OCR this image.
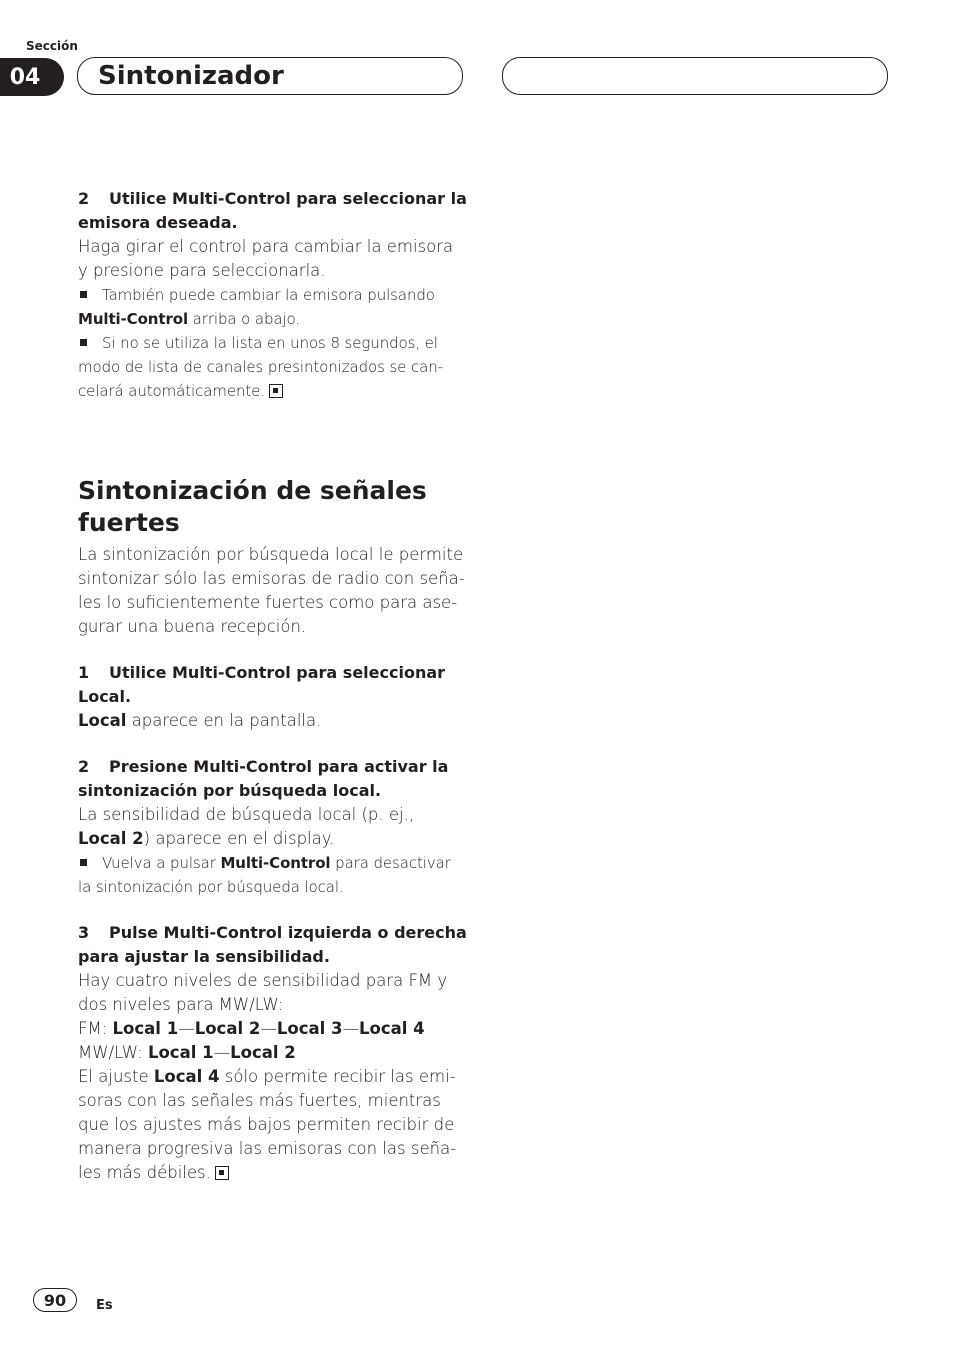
Sección
04	Sintonizador

2 Utilice Multi-Control para seleccionar la

emisora deseada.

Haga girar el control para cambiar la emisora

y presione para seleccionarla.

También puede cambiar la emisora pulsando

Multi-Control arriba o abajo.

Si no se utiliza la lista en unos 8 segundos, el

modo de lista de canales presintonizados se can-

celará automáticamente.

Sintonización de señales
fuertes

La sintonización por búsqueda local le permite

sintonizar sólo las emisoras de radio con seña-

les lo suficientemente fuertes como para ase-

gurar una buena recepción.

1 Utilice Multi-Control para seleccionar

Local.

Local aparece en la pantalla.

2 Presione Multi-Control para activar la

sintonización por búsqueda local.

La sensibilidad de búsqueda local (p. ej.,

Local 2) aparece en el display.

Vuelva a pulsar Multi-Control para desactivar

la sintonización por búsqueda local.

3 Pulse Multi-Control izquierda o derecha

para ajustar la sensibilidad.

Hay cuatro niveles de sensibilidad para FM y

dos niveles para MW/LW:

FM: Local 1—Local 2—Local 3—Local 4

MW/LW: Local 1—Local 2

El ajuste Local 4 sólo permite recibir las emi-

soras con las señales más fuertes, mientras

que los ajustes más bajos permiten recibir de

manera progresiva las emisoras con las seña-

les más débiles.

90	Es
